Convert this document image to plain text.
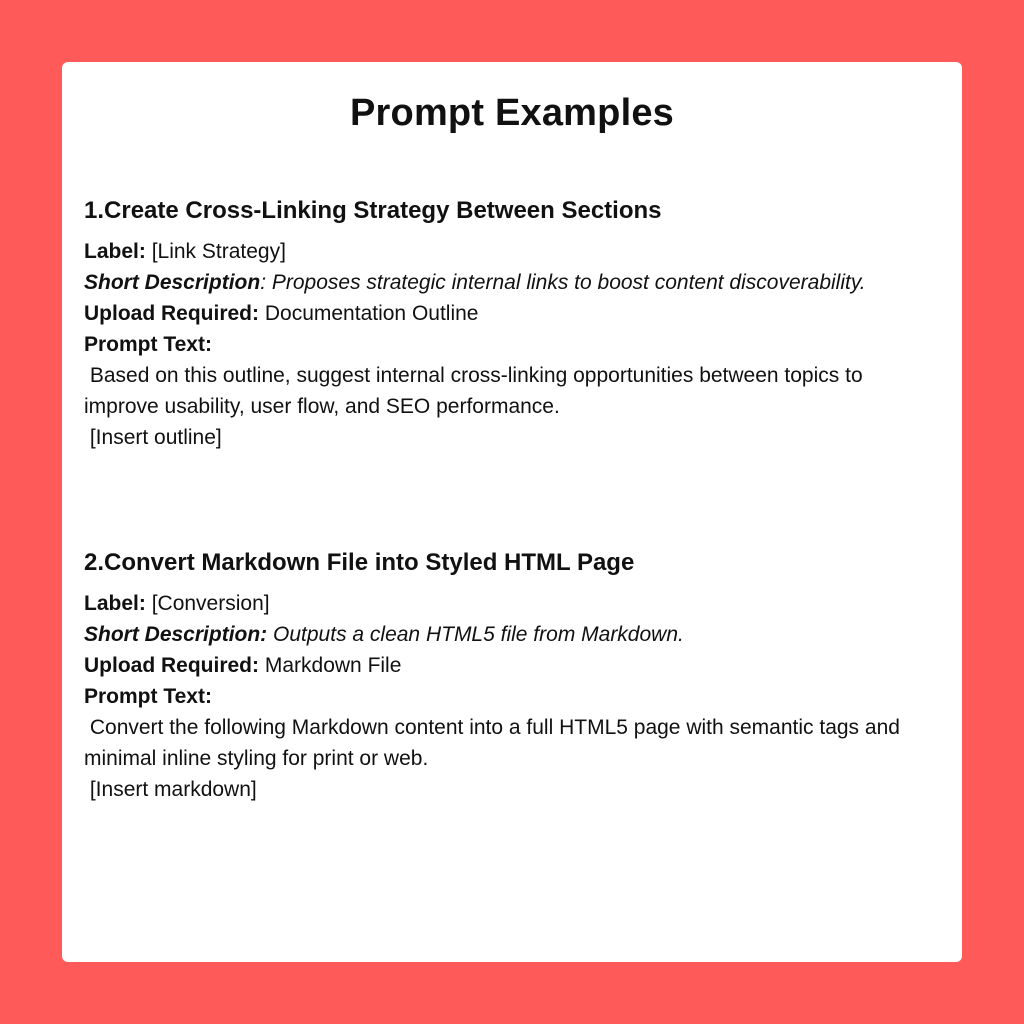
Prompt Examples
1.Create Cross-Linking Strategy Between Sections

Label: [Link Strategy]

Short Description: Proposes strategic internal links to boost content discoverability.

Upload Required: Documentation Outline

Prompt Text:

Based on this outline, suggest internal cross-linking opportunities between topics to improve usability, user flow, and SEO performance.

[Insert outline]

2.Convert Markdown File into Styled HTML Page

Label: [Conversion]

Short Description: Outputs a clean HTML5 file from Markdown.

Upload Required: Markdown File

Prompt Text:

Convert the following Markdown content into a full HTML5 page with semantic tags and minimal inline styling for print or web.

[Insert markdown]
